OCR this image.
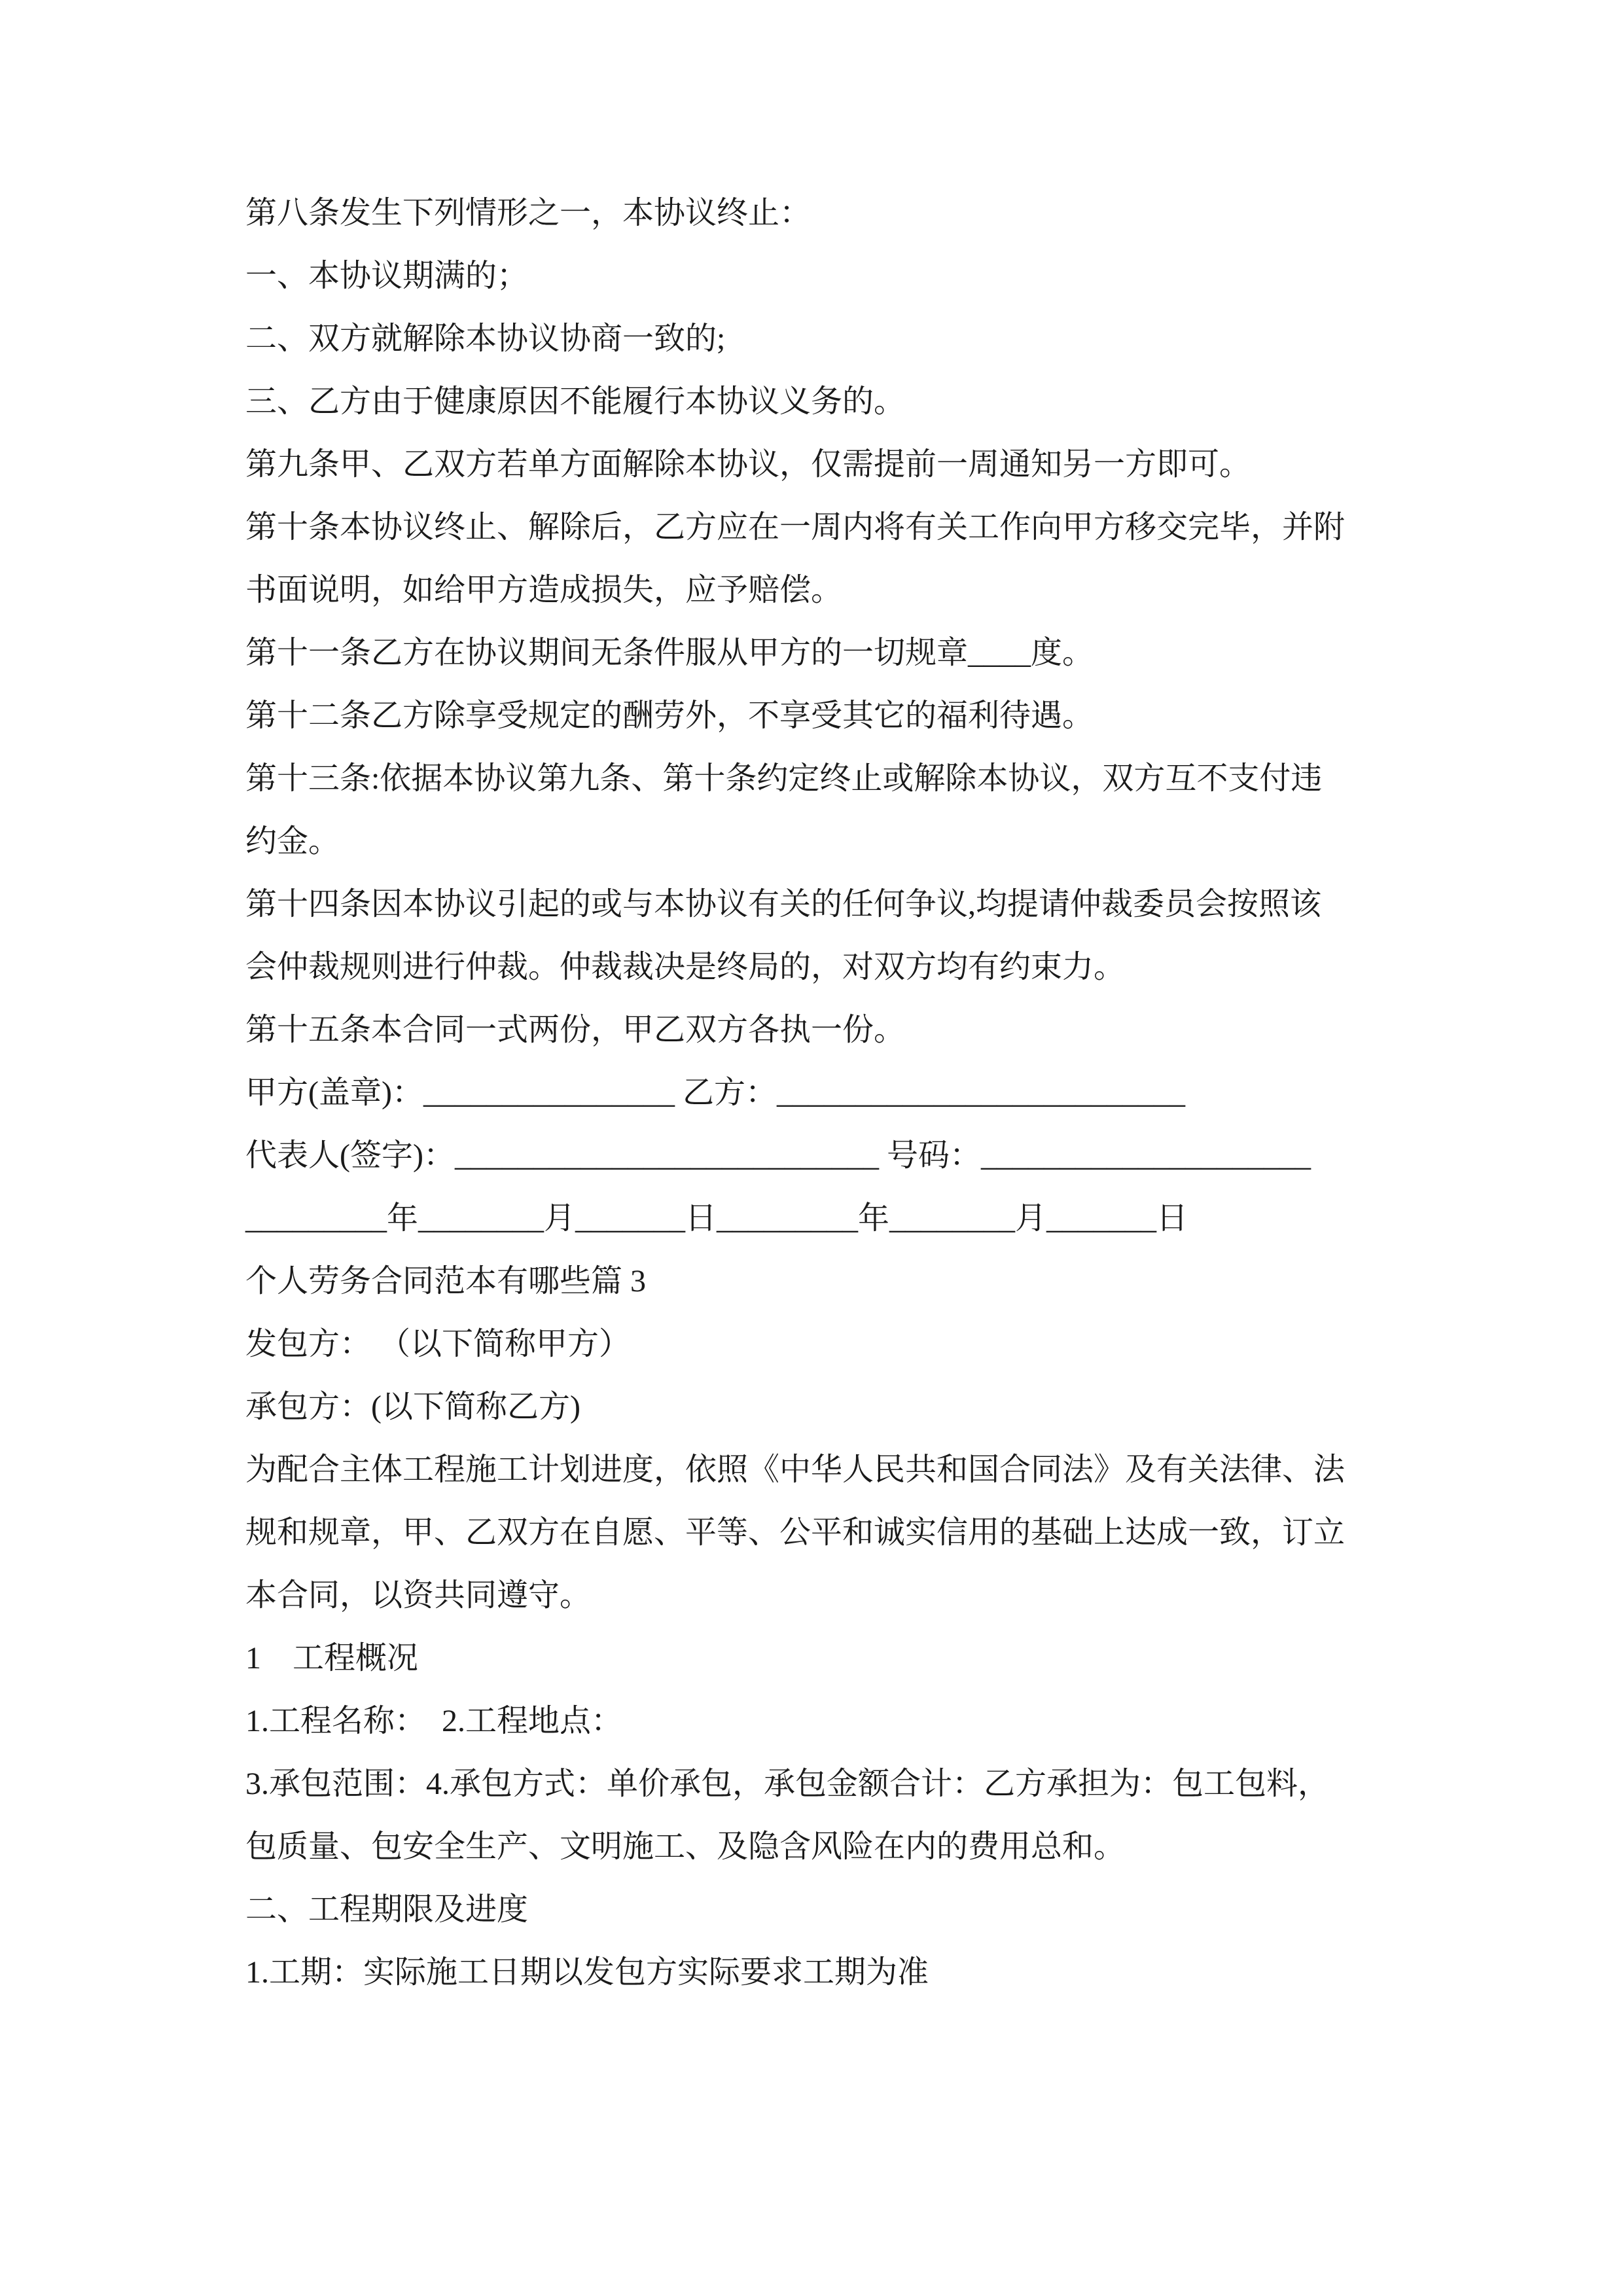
第八条发生下列情形之一，本协议终止：

一、本协议期满的；

二、双方就解除本协议协商一致的;

三、乙方由于健康原因不能履行本协议义务的。

第九条甲、乙双方若单方面解除本协议，仅需提前一周通知另一方即可。

第十条本协议终止、解除后，乙方应在一周内将有关工作向甲方移交完毕，并附书面说明，如给甲方造成损失，应予赔偿。

第十一条乙方在协议期间无条件服从甲方的一切规章____度。

第十二条乙方除享受规定的酬劳外，不享受其它的福利待遇。

第十三条:依据本协议第九条、第十条约定终止或解除本协议，双方互不支付违约金。

第十四条因本协议引起的或与本协议有关的任何争议,均提请仲裁委员会按照该会仲裁规则进行仲裁。仲裁裁决是终局的，对双方均有约束力。

第十五条本合同一式两份，甲乙双方各执一份。

甲方(盖章)：________________ 乙方：__________________________

代表人(签字)：___________________________ 号码：_____________________

_________年________月_______日_________年________月_______日

个人劳务合同范本有哪些篇 3

发包方： （以下简称甲方）

承包方：(以下简称乙方)

为配合主体工程施工计划进度，依照《中华人民共和国合同法》及有关法律、法规和规章，甲、乙双方在自愿、平等、公平和诚实信用的基础上达成一致，订立本合同，以资共同遵守。

1　工程概况

1.工程名称：　2.工程地点：

3.承包范围：4.承包方式：单价承包，承包金额合计：乙方承担为：包工包料，包质量、包安全生产、文明施工、及隐含风险在内的费用总和。

二、工程期限及进度

1.工期：实际施工日期以发包方实际要求工期为准
